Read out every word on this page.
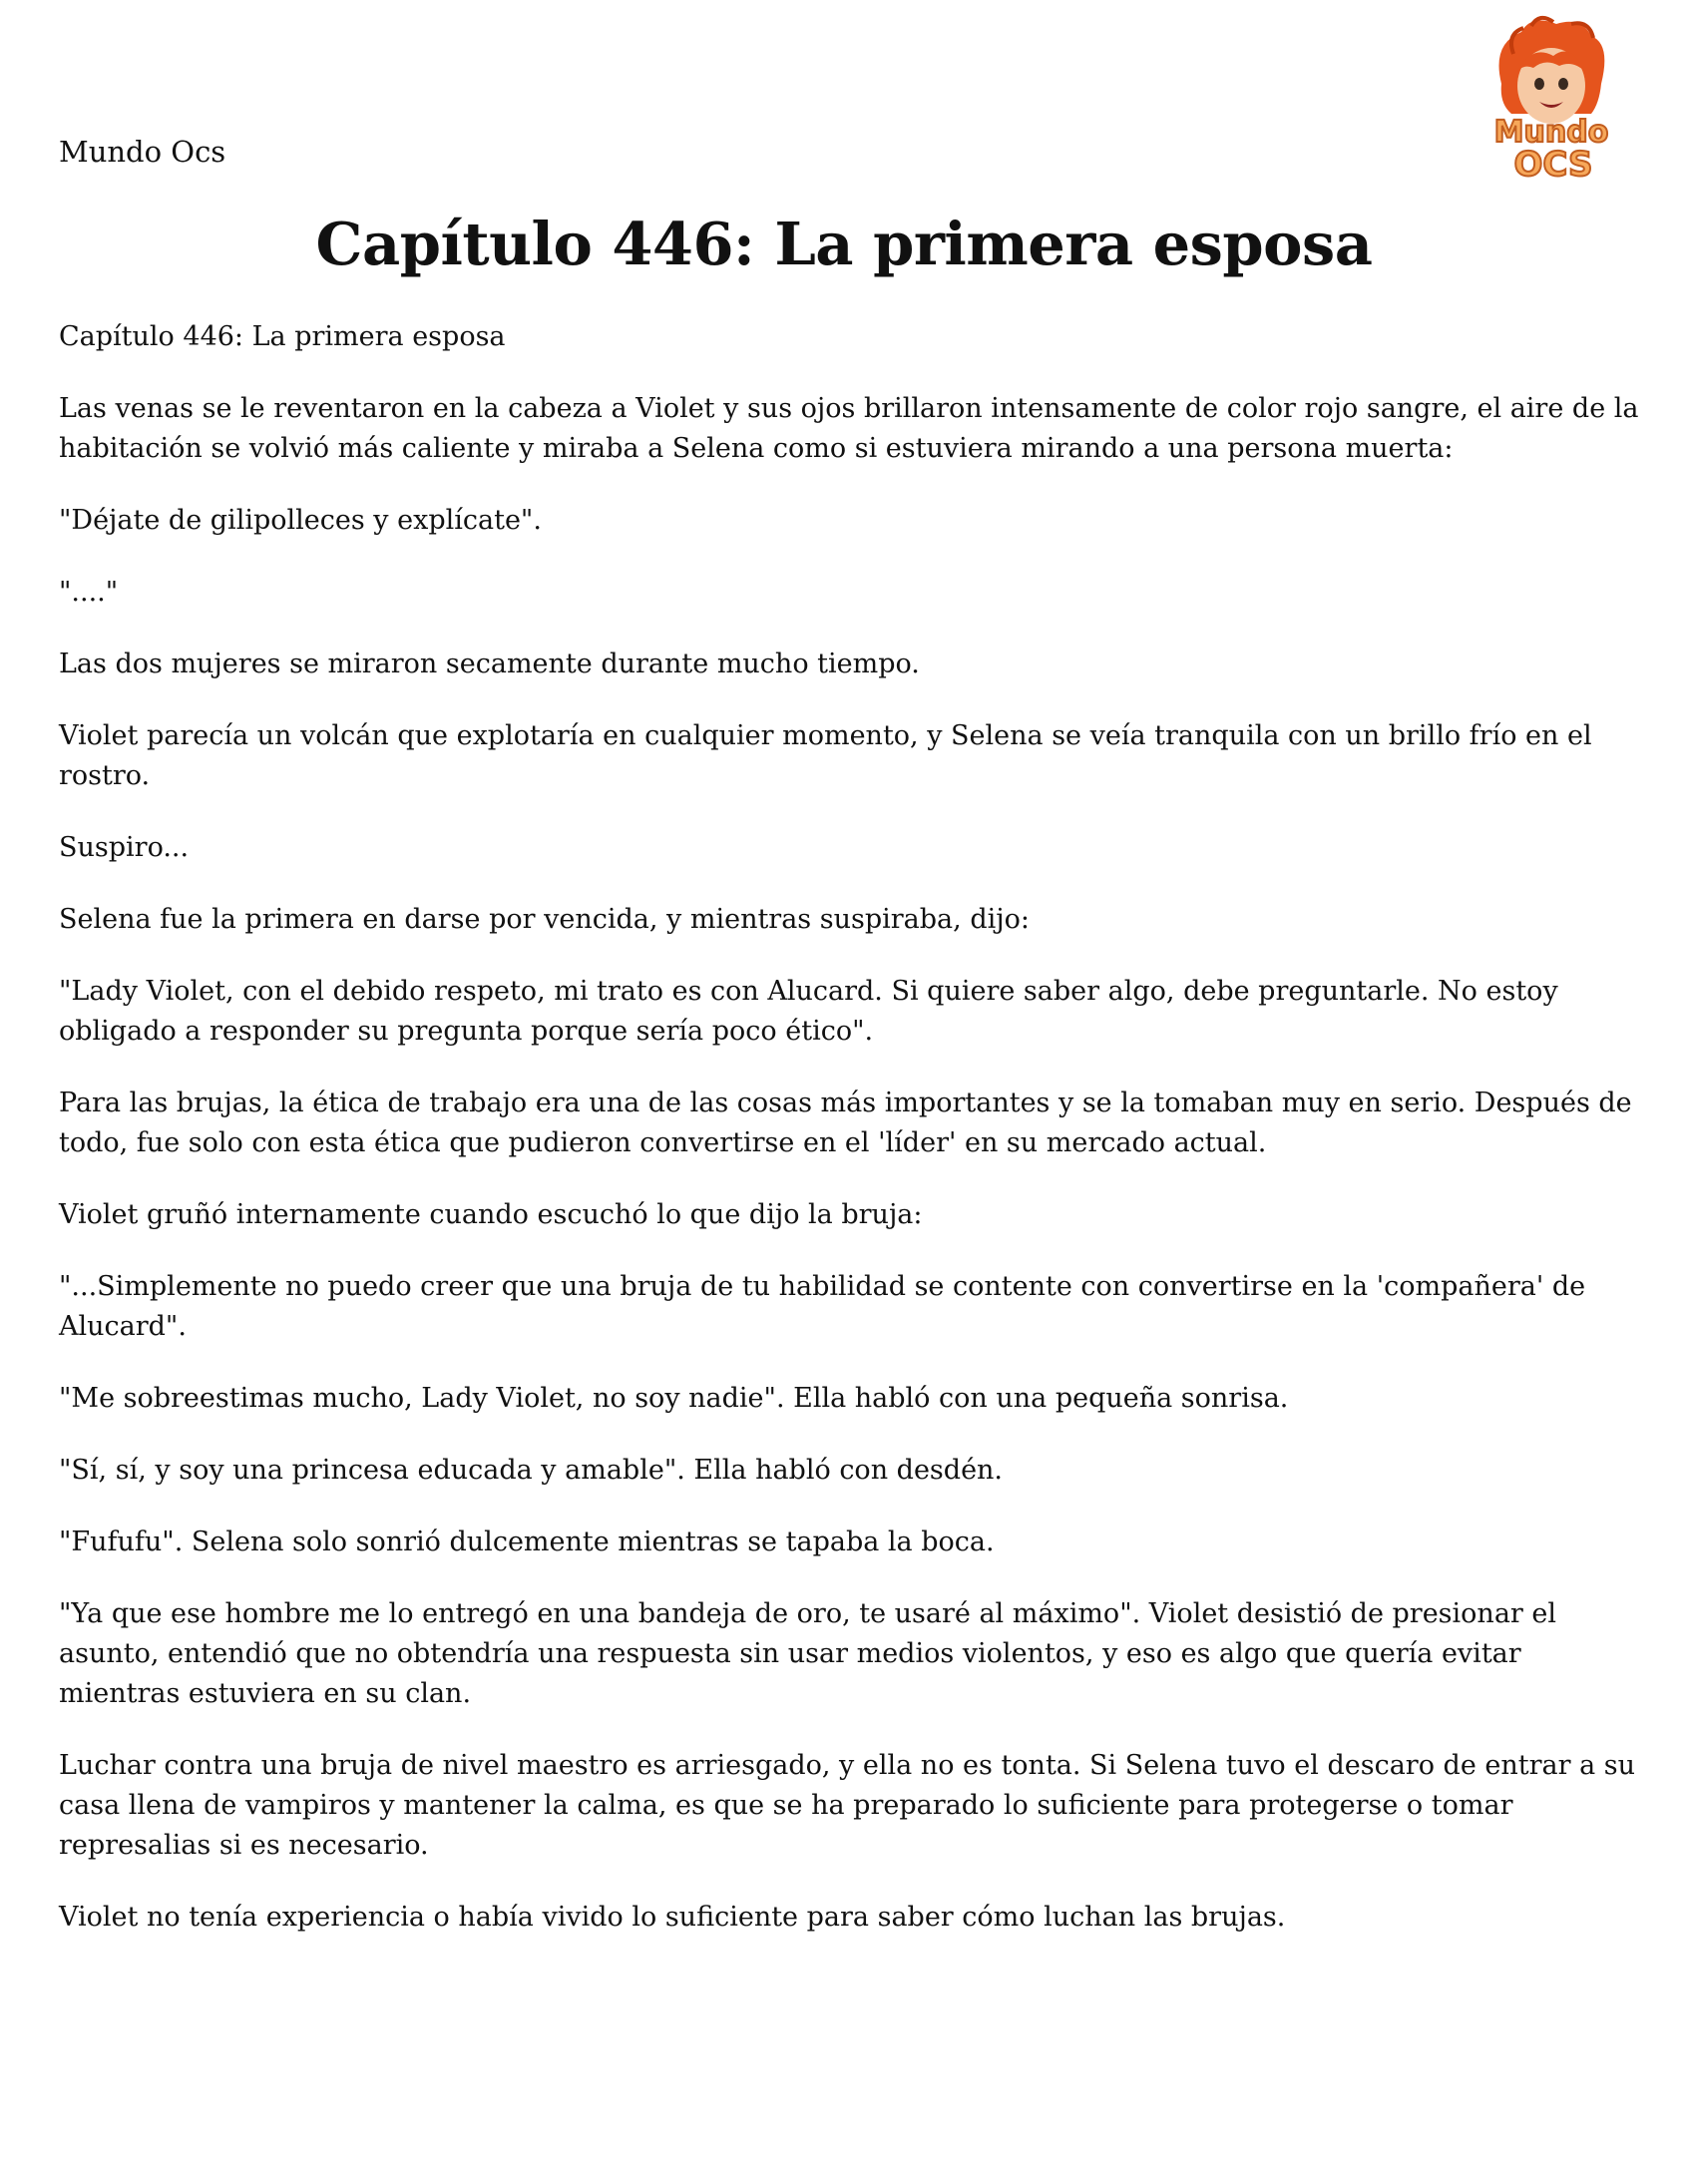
Mundo Ocs
Mundo
OCS
Capítulo 446: La primera esposa

Capítulo 446: La primera esposa

Las venas se le reventaron en la cabeza a Violet y sus ojos brillaron intensamente de color rojo sangre, el aire de la habitación se volvió más caliente y miraba a Selena como si estuviera mirando a una persona muerta:

"Déjate de gilipolleces y explícate".

"...."

Las dos mujeres se miraron secamente durante mucho tiempo.

Violet parecía un volcán que explotaría en cualquier momento, y Selena se veía tranquila con un brillo frío en el rostro.

Suspiro...

Selena fue la primera en darse por vencida, y mientras suspiraba, dijo:

"Lady Violet, con el debido respeto, mi trato es con Alucard. Si quiere saber algo, debe preguntarle. No estoy obligado a responder su pregunta porque sería poco ético".

Para las brujas, la ética de trabajo era una de las cosas más importantes y se la tomaban muy en serio. Después de todo, fue solo con esta ética que pudieron convertirse en el 'líder' en su mercado actual.

Violet gruñó internamente cuando escuchó lo que dijo la bruja:

"...Simplemente no puedo creer que una bruja de tu habilidad se contente con convertirse en la 'compañera' de Alucard".

"Me sobreestimas mucho, Lady Violet, no soy nadie". Ella habló con una pequeña sonrisa.

"Sí, sí, y soy una princesa educada y amable". Ella habló con desdén.

"Fufufu". Selena solo sonrió dulcemente mientras se tapaba la boca.

"Ya que ese hombre me lo entregó en una bandeja de oro, te usaré al máximo". Violet desistió de presionar el asunto, entendió que no obtendría una respuesta sin usar medios violentos, y eso es algo que quería evitar mientras estuviera en su clan.

Luchar contra una bruja de nivel maestro es arriesgado, y ella no es tonta. Si Selena tuvo el descaro de entrar a su casa llena de vampiros y mantener la calma, es que se ha preparado lo suficiente para protegerse o tomar represalias si es necesario.

Violet no tenía experiencia o había vivido lo suficiente para saber cómo luchan las brujas.
